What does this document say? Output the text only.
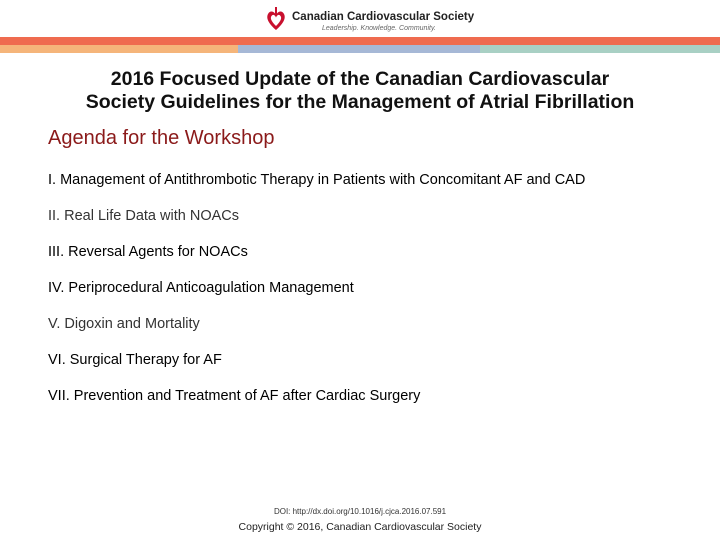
Canadian Cardiovascular Society
Leadership. Knowledge. Community.
2016 Focused Update of the Canadian Cardiovascular
Society Guidelines for the Management of Atrial Fibrillation
Agenda for the Workshop
I. Management of Antithrombotic Therapy in Patients with Concomitant AF and CAD
II. Real Life Data with NOACs
III. Reversal Agents for NOACs
IV. Periprocedural Anticoagulation Management
V. Digoxin and Mortality
VI. Surgical Therapy for AF
VII. Prevention and Treatment of AF after Cardiac Surgery
DOI: http://dx.doi.org/10.1016/j.cjca.2016.07.591
Copyright © 2016, Canadian Cardiovascular Society
